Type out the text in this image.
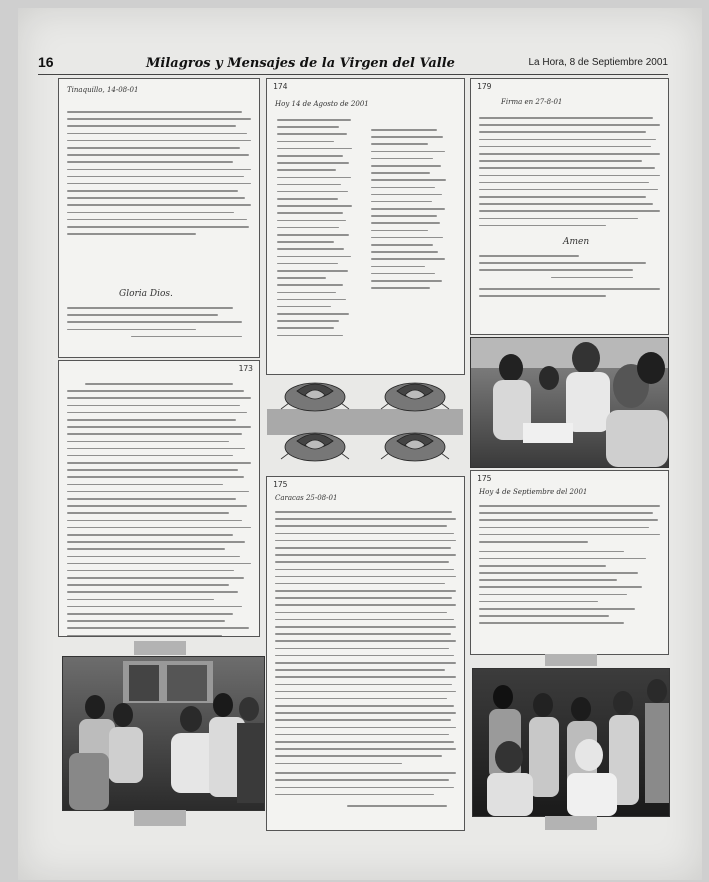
16	Milagros y Mensajes de la Virgen del Valle	La Hora, 8 de Septiembre 2001
Tinaquillo, 14-08-01
Gloria Dios.
174
Hoy 14 de Agosto de 2001
179
Firma en 27-8-01
Amen
173
175
Caracas 25-08-01
175
Hoy 4 de Septiembre del 2001
